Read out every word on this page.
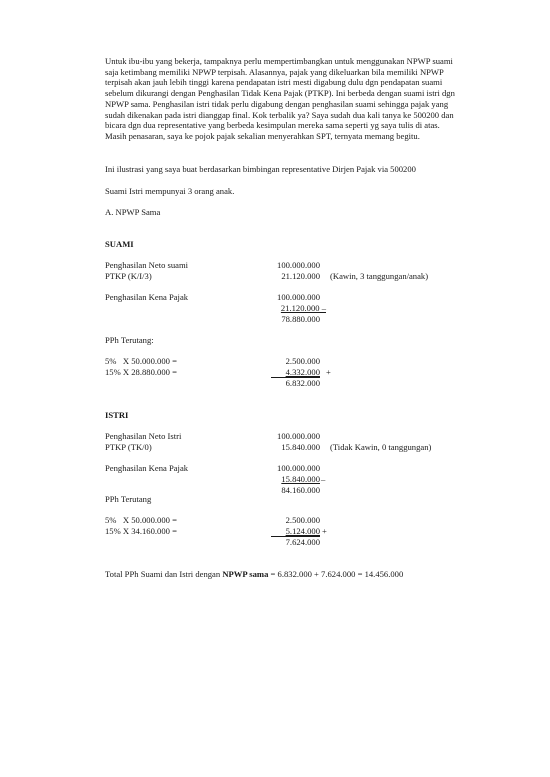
Untuk ibu-ibu yang bekerja, tampaknya perlu mempertimbangkan untuk menggunakan NPWP suami saja ketimbang memiliki NPWP terpisah. Alasannya, pajak yang dikeluarkan bila memiliki NPWP terpisah akan jauh lebih tinggi karena pendapatan istri mesti digabung dulu dgn pendapatan suami sebelum dikurangi dengan Penghasilan Tidak Kena Pajak (PTKP). Ini berbeda dengan suami istri dgn NPWP sama. Penghasilan istri tidak perlu digabung dengan penghasilan suami sehingga pajak yang sudah dikenakan pada istri dianggap final. Kok terbalik ya? Saya sudah dua kali tanya ke 500200 dan bicara dgn dua representative yang berbeda kesimpulan mereka sama seperti yg saya tulis di atas. Masih penasaran, saya ke pojok pajak sekalian menyerahkan SPT, ternyata memang begitu.
Ini ilustrasi yang saya buat berdasarkan bimbingan representative Dirjen Pajak via 500200
Suami Istri mempunyai 3 orang anak.
A. NPWP Sama
SUAMI
Penghasilan Neto suami	100.000.000
PTKP (K/I/3)	21.120.000 (Kawin, 3 tanggungan/anak)
Penghasilan Kena Pajak	100.000.000
21.120.000 –
78.880.000
PPh Terutang:
5%   X 50.000.000 =	2.500.000
15% X 28.880.000 =	4.332.000 +
6.832.000
ISTRI
Penghasilan Neto Istri	100.000.000
PTKP (TK/0)	15.840.000 (Tidak Kawin, 0 tanggungan)
Penghasilan Kena Pajak	100.000.000
15.840.000 –
84.160.000
PPh Terutang
5%   X 50.000.000 =	2.500.000
15% X 34.160.000 =	5.124.000 +
7.624.000
Total PPh Suami dan Istri dengan NPWP sama = 6.832.000 + 7.624.000 = 14.456.000
